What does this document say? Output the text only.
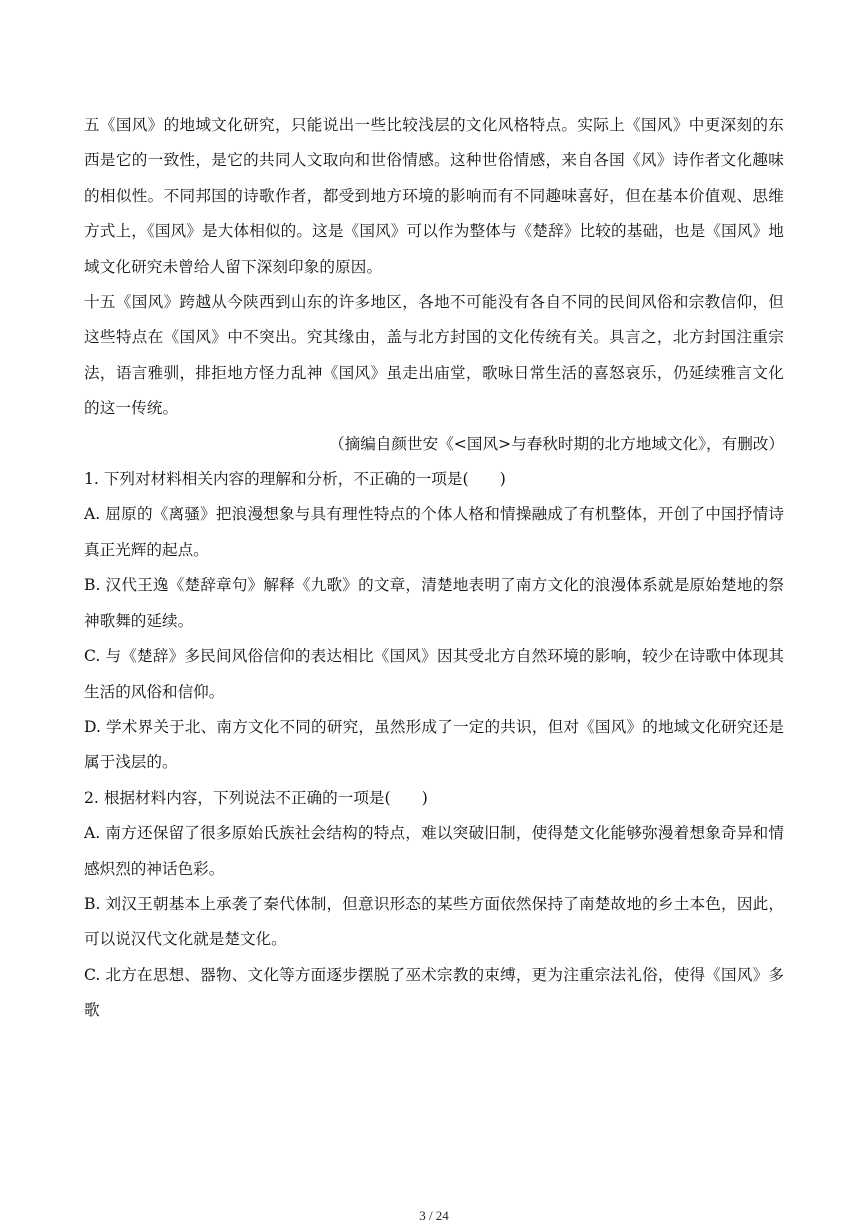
五《国风》的地域文化研究，只能说出一些比较浅层的文化风格特点。实际上《国风》中更深刻的东西是它的一致性，是它的共同人文取向和世俗情感。这种世俗情感，来自各国《风》诗作者文化趣味的相似性。不同邦国的诗歌作者，都受到地方环境的影响而有不同趣味喜好，但在基本价值观、思维方式上，《国风》是大体相似的。这是《国风》可以作为整体与《楚辞》比较的基础，也是《国风》地域文化研究未曾给人留下深刻印象的原因。

十五《国风》跨越从今陕西到山东的许多地区，各地不可能没有各自不同的民间风俗和宗教信仰，但这些特点在《国风》中不突出。究其缘由，盖与北方封国的文化传统有关。具言之，北方封国注重宗法，语言雅驯，排拒地方怪力乱神《国风》虽走出庙堂，歌咏日常生活的喜怒哀乐，仍延续雅言文化的这一传统。

（摘编自颜世安《<国风>与春秋时期的北方地域文化》，有删改）

1. 下列对材料相关内容的理解和分析，不正确的一项是(　　)

A. 屈原的《离骚》把浪漫想象与具有理性特点的个体人格和情操融成了有机整体，开创了中国抒情诗真正光辉的起点。

B. 汉代王逸《楚辞章句》解释《九歌》的文章，清楚地表明了南方文化的浪漫体系就是原始楚地的祭神歌舞的延续。

C. 与《楚辞》多民间风俗信仰的表达相比《国风》因其受北方自然环境的影响，较少在诗歌中体现其生活的风俗和信仰。

D. 学术界关于北、南方文化不同的研究，虽然形成了一定的共识，但对《国风》的地域文化研究还是属于浅层的。

2. 根据材料内容，下列说法不正确的一项是(　　)

A. 南方还保留了很多原始氏族社会结构的特点，难以突破旧制，使得楚文化能够弥漫着想象奇异和情感炽烈的神话色彩。

B. 刘汉王朝基本上承袭了秦代体制，但意识形态的某些方面依然保持了南楚故地的乡土本色，因此，可以说汉代文化就是楚文化。

C. 北方在思想、器物、文化等方面逐步摆脱了巫术宗教的束缚，更为注重宗法礼俗，使得《国风》多歌

3 / 24
